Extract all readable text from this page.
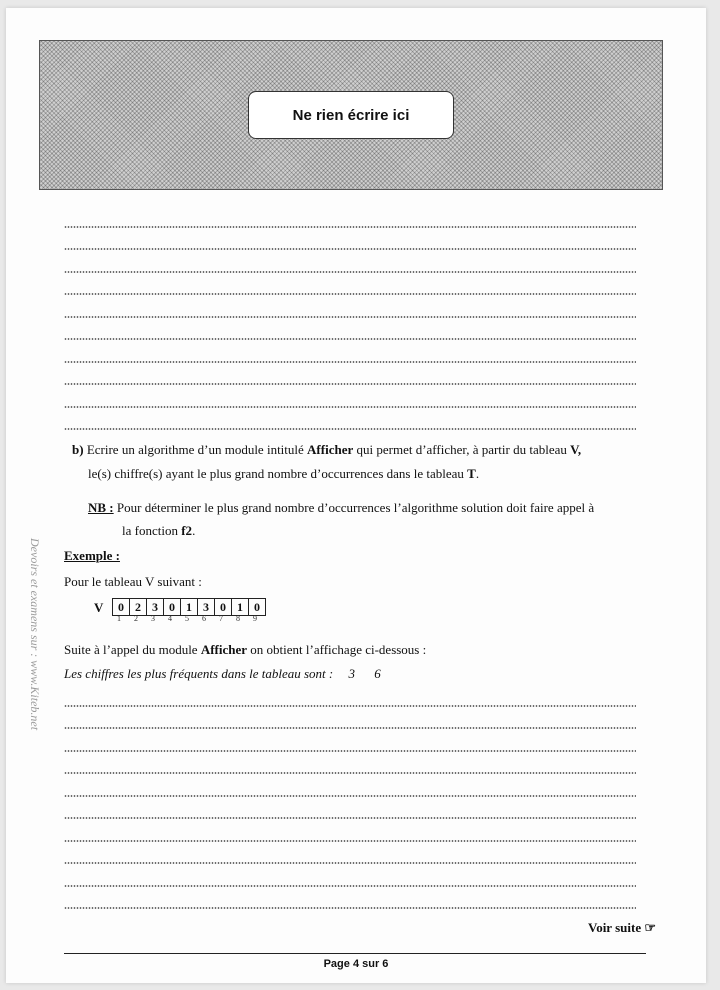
Ne rien écrire ici
b) Ecrire un algorithme d’un module intitulé Afficher qui permet d’afficher, à partir du tableau V,
le(s) chiffre(s) ayant le plus grand nombre d’occurrences dans le tableau T.
NB : Pour déterminer le plus grand nombre d’occurrences l’algorithme solution doit faire appel à
la fonction f2.
Exemple :
Pour le tableau V suivant :
V 0	2	3	0	1	3	0	1	0
1 2 3 4 5 6 7 8 9
Suite à l’appel du module Afficher on obtient l’affichage ci-dessous :
Les chiffres les plus fréquents dans le tableau sont : 3 6
Devoirs et examens sur : www.Kiteb.net
Voir suite ☞
Page 4 sur 6
